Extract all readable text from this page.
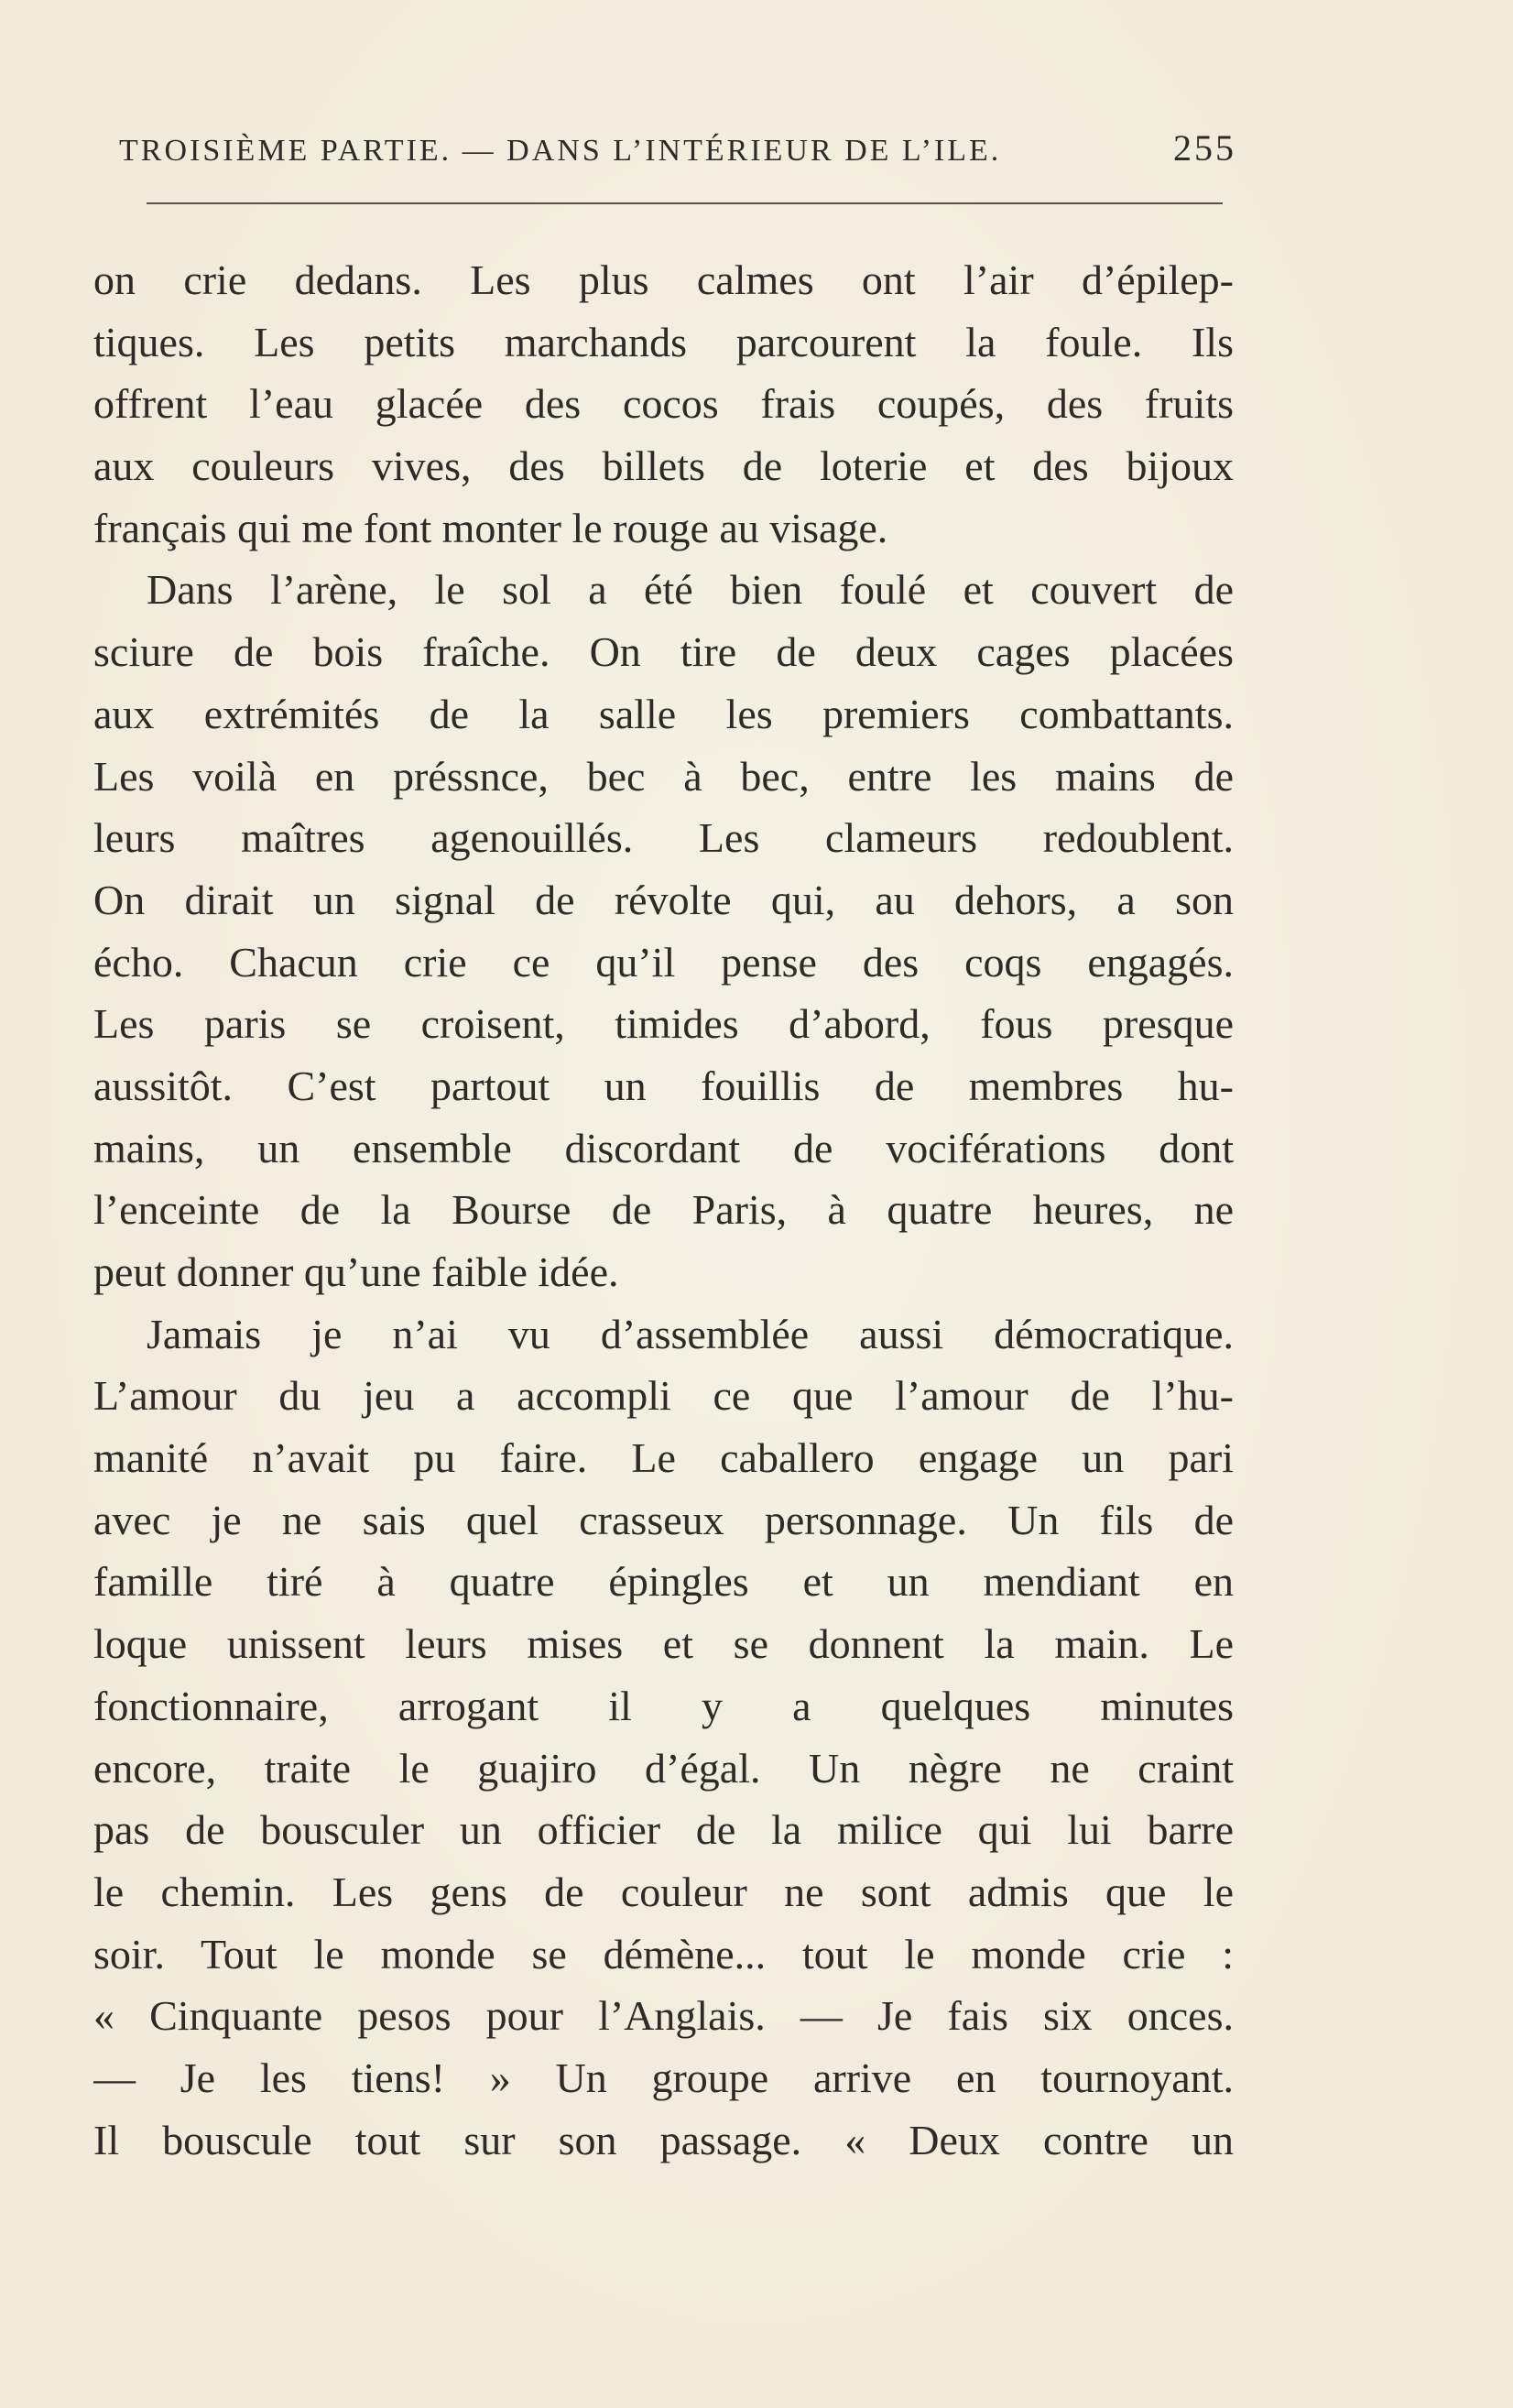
TROISIÈME PARTIE. — DANS L’INTÉRIEUR DE L’ILE.	255
on crie dedans. Les plus calmes ont l’air d’épilep-
tiques. Les petits marchands parcourent la foule. Ils
offrent l’eau glacée des cocos frais coupés, des fruits
aux couleurs vives, des billets de loterie et des bijoux
français qui me font monter le rouge au visage.
Dans l’arène, le sol a été bien foulé et couvert de
sciure de bois fraîche. On tire de deux cages placées
aux extrémités de la salle les premiers combattants.
Les voilà en préssnce, bec à bec, entre les mains de
leurs maîtres agenouillés. Les clameurs redoublent.
On dirait un signal de révolte qui, au dehors, a son
écho. Chacun crie ce qu’il pense des coqs engagés.
Les paris se croisent, timides d’abord, fous presque
aussitôt. C’est partout un fouillis de membres hu-
mains, un ensemble discordant de vociférations dont
l’enceinte de la Bourse de Paris, à quatre heures, ne
peut donner qu’une faible idée.
Jamais je n’ai vu d’assemblée aussi démocratique.
L’amour du jeu a accompli ce que l’amour de l’hu-
manité n’avait pu faire. Le caballero engage un pari
avec je ne sais quel crasseux personnage. Un fils de
famille tiré à quatre épingles et un mendiant en
loque unissent leurs mises et se donnent la main. Le
fonctionnaire, arrogant il y a quelques minutes
encore, traite le guajiro d’égal. Un nègre ne craint
pas de bousculer un officier de la milice qui lui barre
le chemin. Les gens de couleur ne sont admis que le
soir. Tout le monde se démène... tout le monde crie :
« Cinquante pesos pour l’Anglais. — Je fais six onces.
— Je les tiens! » Un groupe arrive en tournoyant.
Il bouscule tout sur son passage. « Deux contre un
